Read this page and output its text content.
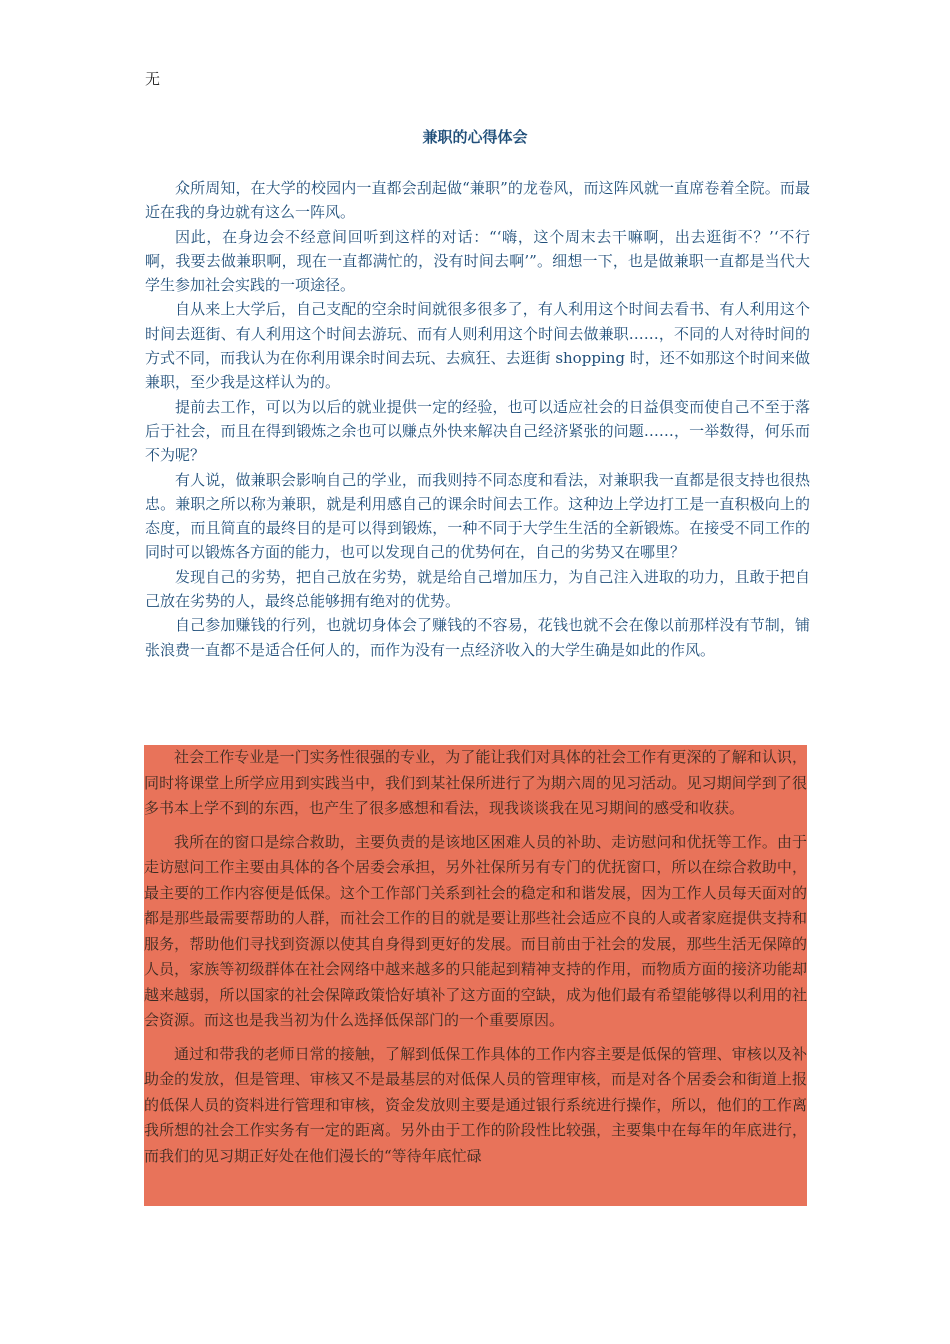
无
兼职的心得体会

众所周知，在大学的校园内一直都会刮起做“兼职”的龙卷风，而这阵风就一直席卷着全院。而最近在我的身边就有这么一阵风。

因此，在身边会不经意间回听到这样的对话：“‘嗨，这个周末去干嘛啊，出去逛街不？’‘不行啊，我要去做兼职啊，现在一直都满忙的，没有时间去啊’”。细想一下，也是做兼职一直都是当代大学生参加社会实践的一项途径。

自从来上大学后，自己支配的空余时间就很多很多了，有人利用这个时间去看书、有人利用这个时间去逛街、有人利用这个时间去游玩、而有人则利用这个时间去做兼职……，不同的人对待时间的方式不同，而我认为在你利用课余时间去玩、去疯狂、去逛街 shopping 时，还不如那这个时间来做兼职，至少我是这样认为的。

提前去工作，可以为以后的就业提供一定的经验，也可以适应社会的日益俱变而使自己不至于落后于社会，而且在得到锻炼之余也可以赚点外快来解决自己经济紧张的问题……，一举数得，何乐而不为呢？

有人说，做兼职会影响自己的学业，而我则持不同态度和看法，对兼职我一直都是很支持也很热忠。兼职之所以称为兼职，就是利用感自己的课余时间去工作。这种边上学边打工是一直积极向上的态度，而且简直的最终目的是可以得到锻炼，一种不同于大学生生活的全新锻炼。在接受不同工作的同时可以锻炼各方面的能力，也可以发现自己的优势何在，自己的劣势又在哪里？

发现自己的劣势，把自己放在劣势，就是给自己增加压力，为自己注入进取的功力，且敢于把自己放在劣势的人，最终总能够拥有绝对的优势。

自己参加赚钱的行列，也就切身体会了赚钱的不容易，花钱也就不会在像以前那样没有节制，铺张浪费一直都不是适合任何人的，而作为没有一点经济收入的大学生确是如此的作风。

社会工作专业是一门实务性很强的专业，为了能让我们对具体的社会工作有更深的了解和认识，同时将课堂上所学应用到实践当中，我们到某社保所进行了为期六周的见习活动。见习期间学到了很多书本上学不到的东西，也产生了很多感想和看法，现我谈谈我在见习期间的感受和收获。

我所在的窗口是综合救助，主要负责的是该地区困难人员的补助、走访慰问和优抚等工作。由于走访慰问工作主要由具体的各个居委会承担，另外社保所另有专门的优抚窗口，所以在综合救助中，最主要的工作内容便是低保。这个工作部门关系到社会的稳定和和谐发展，因为工作人员每天面对的都是那些最需要帮助的人群，而社会工作的目的就是要让那些社会适应不良的人或者家庭提供支持和服务，帮助他们寻找到资源以使其自身得到更好的发展。而目前由于社会的发展，那些生活无保障的人员，家族等初级群体在社会网络中越来越多的只能起到精神支持的作用，而物质方面的接济功能却越来越弱，所以国家的社会保障政策恰好填补了这方面的空缺，成为他们最有希望能够得以利用的社会资源。而这也是我当初为什么选择低保部门的一个重要原因。

通过和带我的老师日常的接触，了解到低保工作具体的工作内容主要是低保的管理、审核以及补助金的发放，但是管理、审核又不是最基层的对低保人员的管理审核，而是对各个居委会和街道上报的低保人员的资料进行管理和审核，资金发放则主要是通过银行系统进行操作，所以，他们的工作离我所想的社会工作实务有一定的距离。另外由于工作的阶段性比较强，主要集中在每年的年底进行，而我们的见习期正好处在他们漫长的“等待年底忙碌
